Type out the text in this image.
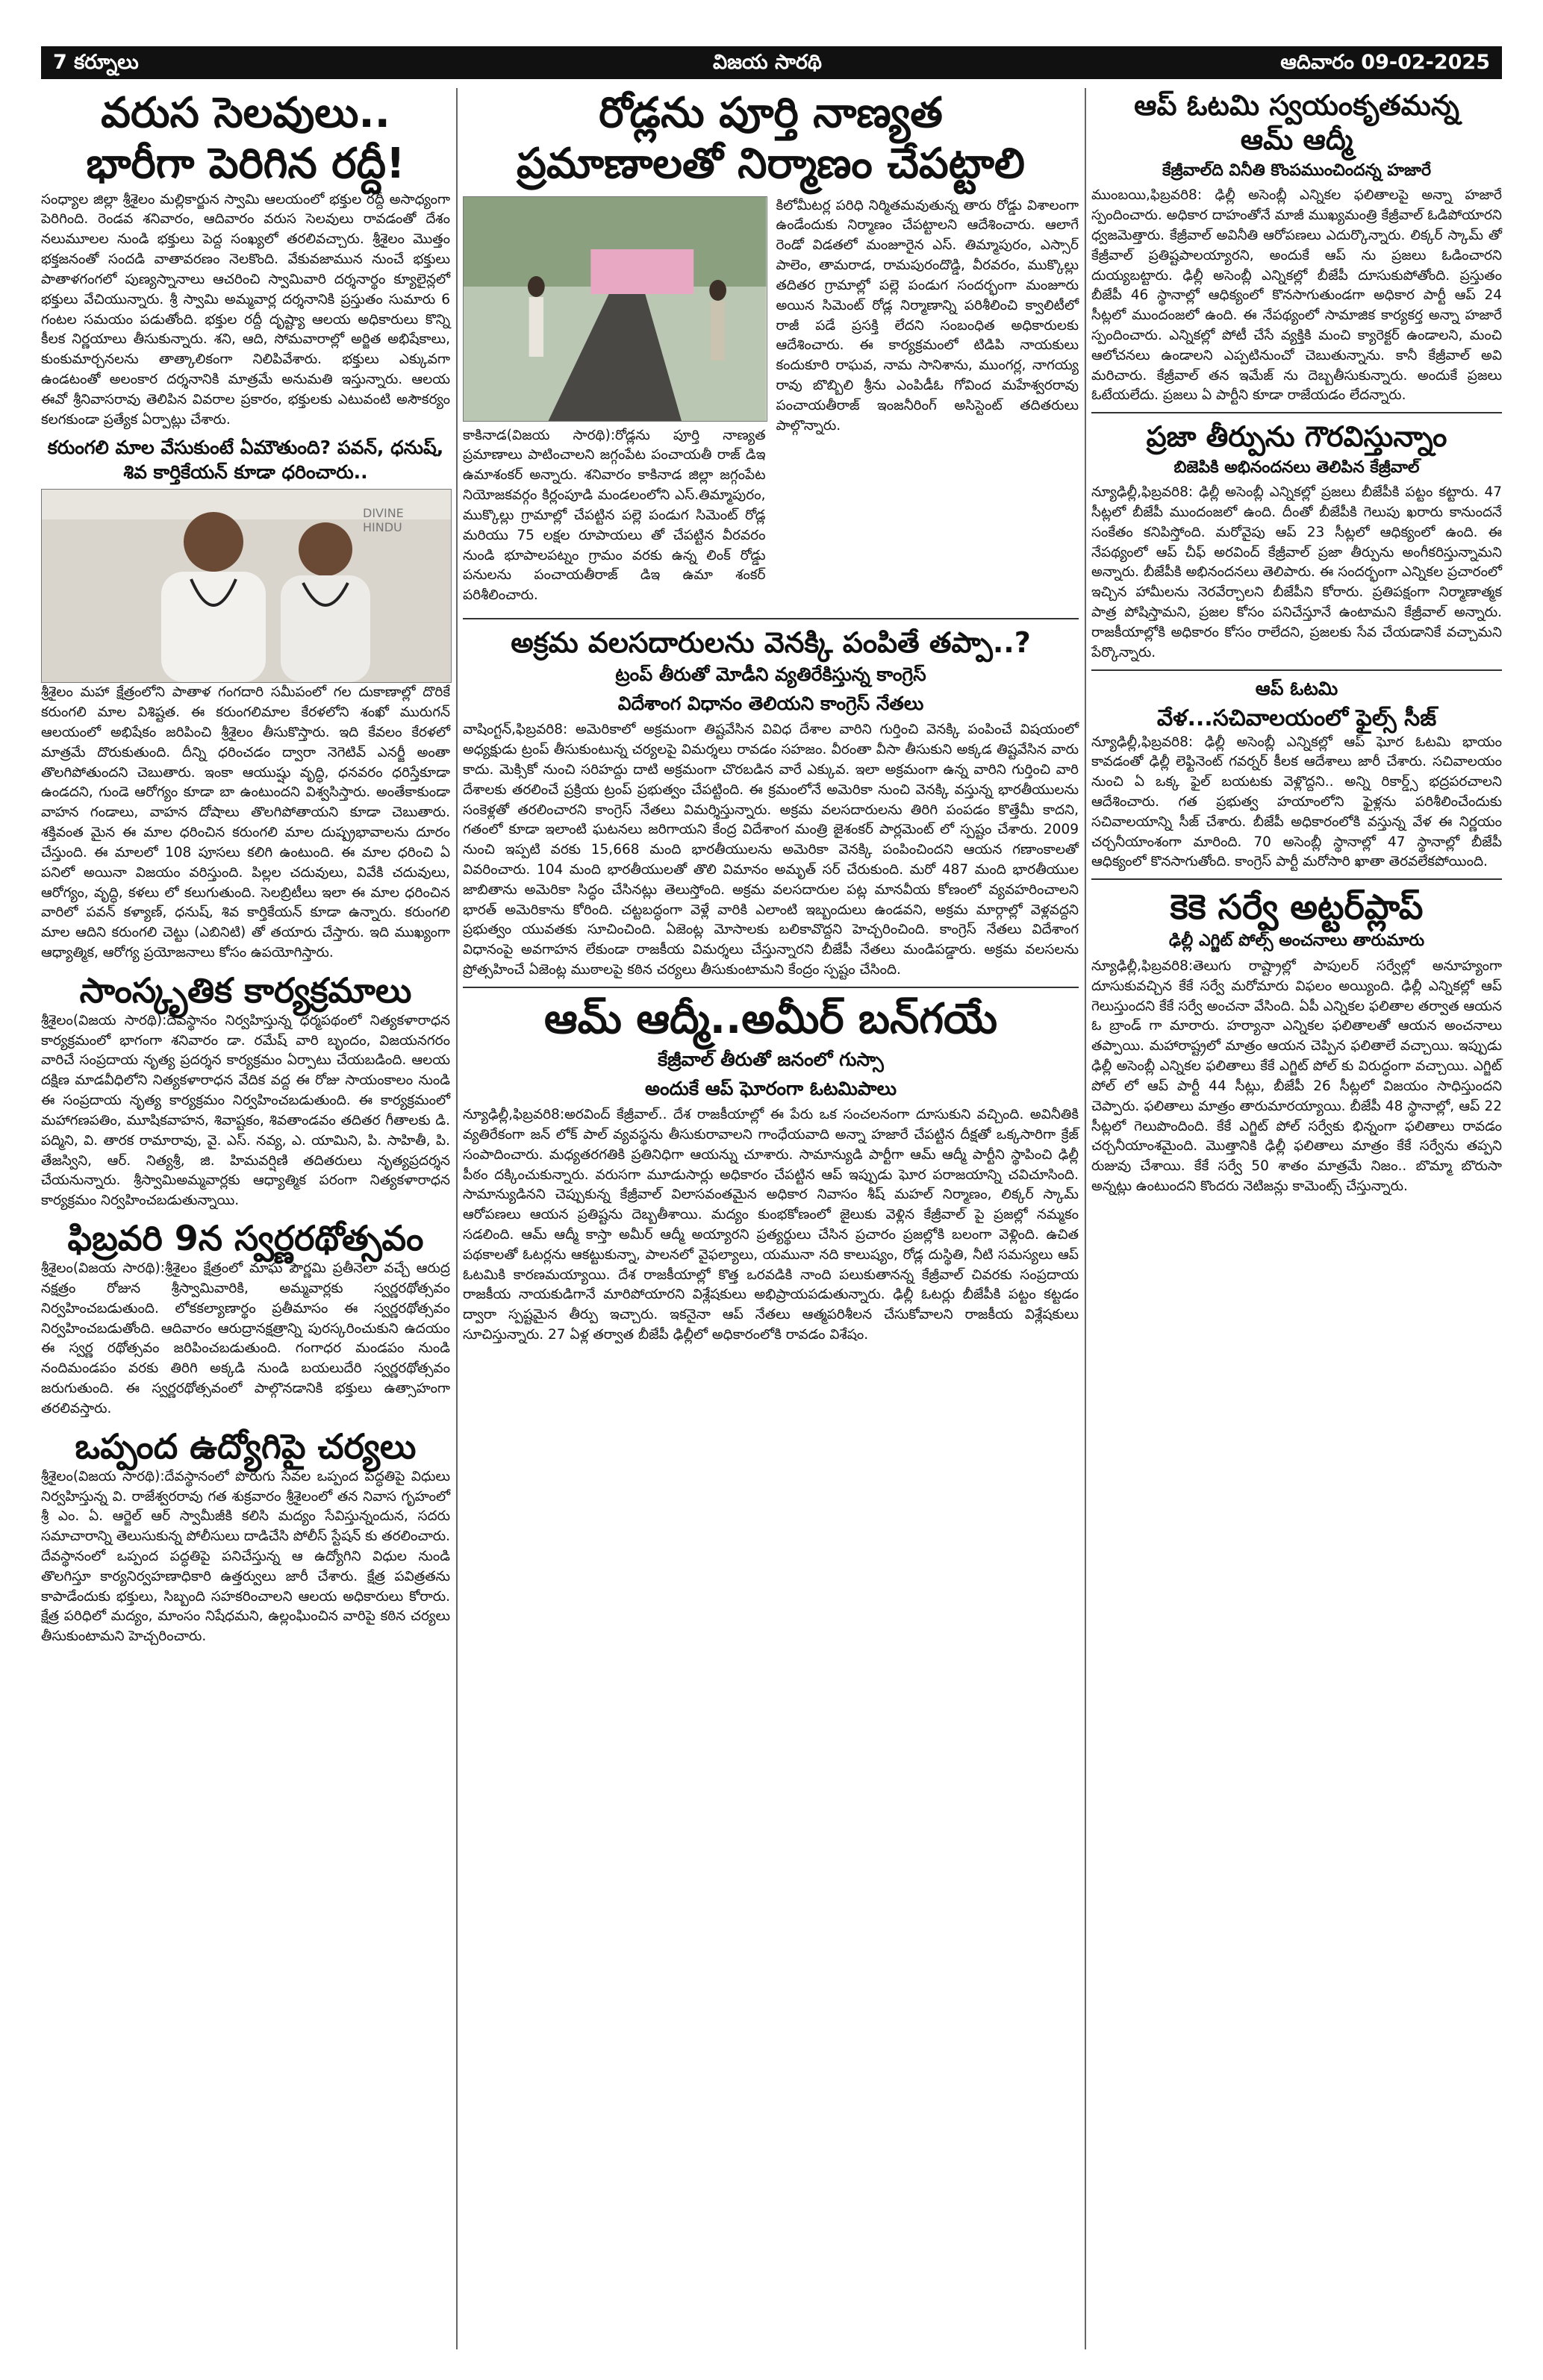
7 కర్నూలు	విజయ సారథి	ఆదివారం 09-02-2025
వరుస సెలవులు..
భారీగా పెరిగిన రద్దీ!

సంధ్యాల జిల్లా శ్రీశైలం మల్లికార్జున స్వామి ఆలయంలో భక్తుల రద్దీ అసాధ్యంగా పెరిగింది. రెండవ శనివారం, ఆదివారం వరుస సెలవులు రావడంతో దేశం నలుమూలల నుండి భక్తులు పెద్ద సంఖ్యలో తరలివచ్చారు. శ్రీశైలం మొత్తం భక్తజనంతో సందడి వాతావరణం నెలకొంది. వేకువజామున నుంచే భక్తులు పాతాళగంగలో పుణ్యస్నానాలు ఆచరించి స్వామివారి దర్శనార్థం క్యూలైన్లలో భక్తులు వేచియున్నారు. శ్రీ స్వామి అమ్మవార్ల దర్శనానికి ప్రస్తుతం సుమారు 6 గంటల సమయం పడుతోంది. భక్తుల రద్దీ దృష్ట్యా ఆలయ అధికారులు కొన్ని కీలక నిర్ణయాలు తీసుకున్నారు. శని, ఆది, సోమవారాల్లో అర్జిత అభిషేకాలు, కుంకుమార్చనలను తాత్కాలికంగా నిలిపివేశారు. భక్తులు ఎక్కువగా ఉండటంతో అలంకార దర్శనానికి మాత్రమే అనుమతి ఇస్తున్నారు. ఆలయ ఈవో శ్రీనివాసరావు తెలిపిన వివరాల ప్రకారం, భక్తులకు ఎటువంటి అసౌకర్యం కలగకుండా ప్రత్యేక ఏర్పాట్లు చేశారు.

కరుంగలి మాల వేసుకుంటే ఏమౌతుంది? పవన్, ధనుష్, శివ కార్తికేయన్ కూడా ధరించారు..
DIVINE HINDU

శ్రీశైలం మహా క్షేత్రంలోని పాతాళ గంగదారి సమీపంలో గల దుకాణాల్లో దొరికే కరుంగలి మాల విశిష్టత. ఈ కరుంగలిమాల కేరళలోని శంఖో మురుగన్ ఆలయంలో అభిషేకం జరిపించి శ్రీశైలం తీసుకొస్తారు. ఇది కేవలం కేరళలో మాత్రమే దొరుకుతుంది. దీన్ని ధరించడం ద్వారా నెగెటివ్ ఎనర్జీ అంతా తొలగిపోతుందని చెబుతారు. ఇంకా ఆయుష్షు వృద్ధి, ధనవరం ధరిస్తేకూడా ఉండదని, గుండె ఆరోగ్యం కూడా బా ఉంటుందని విశ్వసిస్తారు. అంతేకాకుండా వాహన గండాలు, వాహన దోషాలు తొలగిపోతాయని కూడా చెబుతారు. శక్తివంత మైన ఈ మాల ధరించిన కరుంగలి మాల దుష్ప్రభావాలను దూరం చేస్తుంది. ఈ మాలలో 108 పూసలు కలిగి ఉంటుంది. ఈ మాల ధరించి ఏ పనిలో అయినా విజయం వరిస్తుంది. పిల్లల చదువులు, వివేకి చదువులు, ఆరోగ్యం, వృద్ధి, కళలు లో కలుగుతుంది. సెలబ్రిటీలు ఇలా ఈ మాల ధరించిన వారిలో పవన్ కళ్యాణ్, ధనుష్, శివ కార్తికేయన్ కూడా ఉన్నారు. కరుంగలి మాల ఆదిని కరుంగలి చెట్టు (ఎబినిటి) తో తయారు చేస్తారు. ఇది ముఖ్యంగా ఆధ్యాత్మిక, ఆరోగ్య ప్రయోజనాలు కోసం ఉపయోగిస్తారు.

సాంస్కృతిక కార్యక్రమాలు

శ్రీశైలం(విజయ సారథి):దేవస్థానం నిర్వహిస్తున్న ధర్మపథంలో నిత్యకళారాధన కార్యక్రమంలో భాగంగా శనివారం డా. రమేష్ వారి బృందం, విజయనగరం వారిచే సంప్రదాయ నృత్య ప్రదర్శన కార్యక్రమం ఏర్పాటు చేయబడింది. ఆలయ దక్షిణ మాడవీధిలోని నిత్యకళారాధన వేదిక వద్ద ఈ రోజు సాయంకాలం నుండి ఈ సంప్రదాయ నృత్య కార్యక్రమం నిర్వహించబడుతుంది. ఈ కార్యక్రమంలో మహాగణపతిం, మూషికవాహన, శివాష్టకం, శివతాండవం తదితర గీతాలకు డి. పద్మిని, వి. తారక రామారావు, వై. ఎస్. నవ్య, ఎ. యామిని, పి. సాహితీ, పి. తేజస్విని, ఆర్. నిత్యశ్రీ, జి. హిమవర్షిణి తదితరులు నృత్యప్రదర్శన చేయనున్నారు. శ్రీస్వామిఅమ్మవార్లకు ఆధ్యాత్మిక పరంగా నిత్యకళారాధన కార్యక్రమం నిర్వహించబడుతున్నాయి.

ఫిబ్రవరి 9న స్వర్ణరథోత్సవం

శ్రీశైలం(విజయ సారథి):శ్రీశైలం క్షేత్రంలో మాఘ పౌర్ణమి ప్రతీనెలా వచ్చే ఆరుద్ర నక్షత్రం రోజున శ్రీస్వామివారికి, అమ్మవార్లకు స్వర్ణరథోత్సవం నిర్వహించబడుతుంది. లోకకల్యాణార్థం ప్రతీమాసం ఈ స్వర్ణరథోత్సవం నిర్వహించబడుతోంది. ఆదివారం ఆరుద్రానక్షత్రాన్ని పురస్కరించుకుని ఉదయం ఈ స్వర్ణ రథోత్సవం జరిపించబడుతుంది. గంగాధర మండపం నుండి నందిమండపం వరకు తిరిగి అక్కడి నుండి బయలుదేరి స్వర్ణరథోత్సవం జరుగుతుంది. ఈ స్వర్ణరథోత్సవంలో పాల్గొనడానికి భక్తులు ఉత్సాహంగా తరలివస్తారు.

ఒప్పంద ఉద్యోగిపై చర్యలు

శ్రీశైలం(విజయ సారథి):దేవస్థానంలో పొరుగు సేవల ఒప్పంద పద్ధతిపై విధులు నిర్వహిస్తున్న వి. రాజేశ్వరరావు గత శుక్రవారం శ్రీశైలంలో తన నివాస గృహంలో శ్రీ ఎం. ఏ. ఆర్జెల్ ఆర్ స్వామీజీకి కలిసి మద్యం సేవిస్తున్నందున, సదరు సమాచారాన్ని తెలుసుకున్న పోలీసులు దాడిచేసి పోలీస్ స్టేషన్ కు తరలించారు. దేవస్థానంలో ఒప్పంద పద్ధతిపై పనిచేస్తున్న ఆ ఉద్యోగిని విధుల నుండి తొలగిస్తూ కార్యనిర్వహణాధికారి ఉత్తర్వులు జారీ చేశారు. క్షేత్ర పవిత్రతను కాపాడేందుకు భక్తులు, సిబ్బంది సహకరించాలని ఆలయ అధికారులు కోరారు. క్షేత్ర పరిధిలో మద్యం, మాంసం నిషేధమని, ఉల్లంఘించిన వారిపై కఠిన చర్యలు తీసుకుంటామని హెచ్చరించారు.

రోడ్లను పూర్తి నాణ్యత
ప్రమాణాలతో నిర్మాణం చేపట్టాలి

కాకినాడ(విజయ సారథి):రోడ్లను పూర్తి నాణ్యత ప్రమాణాలు పాటించాలని జగ్గంపేట పంచాయతీ రాజ్ డిఇ ఉమాశంకర్ అన్నారు. శనివారం కాకినాడ జిల్లా జగ్గంపేట నియోజకవర్గం కిర్లంపూడి మండలంలోని ఎస్.తిమ్మాపురం, ముక్కొల్లు గ్రామాల్లో చేపట్టిన పల్లె పండుగ సిమెంట్ రోడ్ల మరియు 75 లక్షల రూపాయలు తో చేపట్టిన వీరవరం నుండి భూపాలపట్నం గ్రామం వరకు ఉన్న లింక్ రోడ్డు పనులను పంచాయతీరాజ్ డిఇ ఉమా శంకర్ పరిశీలించారు.

కిలోమీటర్ల పరిధి నిర్మితమవుతున్న తారు రోడ్డు విశాలంగా ఉండేందుకు నిర్మాణం చేపట్టాలని ఆదేశించారు. ఆలాగే రెండో విడతలో మంజూరైన ఎస్. తిమ్మాపురం, ఎస్సార్ పాలెం, తామరాడ, రామపురందొడ్డి, వీరవరం, ముక్కొల్లు తదితర గ్రామాల్లో పల్లె పండుగ సందర్భంగా మంజూరు అయిన సిమెంట్ రోడ్ల నిర్మాణాన్ని పరిశీలించి క్వాలిటీలో రాజీ పడే ప్రసక్తి లేదని సంబంధిత అధికారులకు ఆదేశించారు. ఈ కార్యక్రమంలో టిడిపి నాయకులు కందుకూరి రాఘవ, నామ సానిశాను, ముంగర్ల, నాగయ్య రావు బొబ్బిలి శ్రీను ఎంపిడీఓ గోవింద మహేశ్వరరావు పంచాయతీరాజ్ ఇంజనీరింగ్ అసిస్టెంట్ తదితరులు పాల్గొన్నారు.

అక్రమ వలసదారులను వెనక్కి పంపితే తప్పా..?
ట్రంప్ తీరుతో మోడీని వ్యతిరేకిస్తున్న కాంగ్రెస్
విదేశాంగ విధానం తెలియని కాంగ్రెస్ నేతలు

వాషింగ్టన్,ఫిబ్రవరి8: అమెరికాలో అక్రమంగా తిష్టవేసిన వివిధ దేశాల వారిని గుర్తించి వెనక్కి పంపించే విషయంలో అధ్యక్షుడు ట్రంప్ తీసుకుంటున్న చర్యలపై విమర్శలు రావడం సహజం. వీరంతా వీసా తీసుకుని అక్కడ తిష్టవేసిన వారు కాదు. మెక్సికో నుంచి సరిహద్దు దాటి అక్రమంగా చొరబడిన వారే ఎక్కువ. ఇలా అక్రమంగా ఉన్న వారిని గుర్తించి వారి దేశాలకు తరలించే ప్రక్రియ ట్రంప్ ప్రభుత్వం చేపట్టింది. ఈ క్రమంలోనే అమెరికా నుంచి వెనక్కి వస్తున్న భారతీయులను సంకెళ్లతో తరలించారని కాంగ్రెస్ నేతలు విమర్శిస్తున్నారు. అక్రమ వలసదారులను తిరిగి పంపడం కొత్తేమీ కాదని, గతంలో కూడా ఇలాంటి ఘటనలు జరిగాయని కేంద్ర విదేశాంగ మంత్రి జైశంకర్ పార్లమెంట్ లో స్పష్టం చేశారు. 2009 నుంచి ఇప్పటి వరకు 15,668 మంది భారతీయులను అమెరికా వెనక్కి పంపించిందని ఆయన గణాంకాలతో వివరించారు. 104 మంది భారతీయులతో తొలి విమానం అమృత్ సర్ చేరుకుంది. మరో 487 మంది భారతీయుల జాబితాను అమెరికా సిద్ధం చేసినట్లు తెలుస్తోంది. అక్రమ వలసదారుల పట్ల మానవీయ కోణంలో వ్యవహరించాలని భారత్ అమెరికాను కోరింది. చట్టబద్ధంగా వెళ్లే వారికి ఎలాంటి ఇబ్బందులు ఉండవని, అక్రమ మార్గాల్లో వెళ్లవద్దని ప్రభుత్వం యువతకు సూచించింది. ఏజెంట్ల మోసాలకు బలికావొద్దని హెచ్చరించింది. కాంగ్రెస్ నేతలు విదేశాంగ విధానంపై అవగాహన లేకుండా రాజకీయ విమర్శలు చేస్తున్నారని బీజేపీ నేతలు మండిపడ్డారు. అక్రమ వలసలను ప్రోత్సహించే ఏజెంట్ల ముఠాలపై కఠిన చర్యలు తీసుకుంటామని కేంద్రం స్పష్టం చేసింది.

ఆమ్ ఆద్మీ..అమీర్ బన్‌గయే
కేజ్రీవాల్ తీరుతో జనంలో గుస్సా
అందుకే ఆప్ ఘోరంగా ఓటమిపాలు

న్యూఢిల్లీ,ఫిబ్రవరి8:అరవింద్ కేజ్రీవాల్.. దేశ రాజకీయాల్లో ఈ పేరు ఒక సంచలనంగా దూసుకుని వచ్చింది. అవినీతికి వ్యతిరేకంగా జన్ లోక్ పాల్ వ్యవస్థను తీసుకురావాలని గాంధేయవాది అన్నా హజారే చేపట్టిన దీక్షతో ఒక్కసారిగా క్రేజ్ సంపాదించారు. మధ్యతరగతికి ప్రతినిధిగా ఆయన్ను చూశారు. సామాన్యుడి పార్టీగా ఆమ్ ఆద్మీ పార్టీని స్థాపించి ఢిల్లీ పీఠం దక్కించుకున్నారు. వరుసగా మూడుసార్లు అధికారం చేపట్టిన ఆప్ ఇప్పుడు ఘోర పరాజయాన్ని చవిచూసింది. సామాన్యుడినని చెప్పుకున్న కేజ్రీవాల్ విలాసవంతమైన అధికార నివాసం శీష్ మహల్ నిర్మాణం, లిక్కర్ స్కామ్ ఆరోపణలు ఆయన ప్రతిష్టను దెబ్బతీశాయి. మద్యం కుంభకోణంలో జైలుకు వెళ్లిన కేజ్రీవాల్ పై ప్రజల్లో నమ్మకం సడలింది. ఆమ్ ఆద్మీ కాస్తా అమీర్ ఆద్మీ అయ్యారని ప్రత్యర్థులు చేసిన ప్రచారం ప్రజల్లోకి బలంగా వెళ్లింది. ఉచిత పథకాలతో ఓటర్లను ఆకట్టుకున్నా, పాలనలో వైఫల్యాలు, యమునా నది కాలుష్యం, రోడ్ల దుస్థితి, నీటి సమస్యలు ఆప్ ఓటమికి కారణమయ్యాయి. దేశ రాజకీయాల్లో కొత్త ఒరవడికి నాంది పలుకుతానన్న కేజ్రీవాల్ చివరకు సంప్రదాయ రాజకీయ నాయకుడిగానే మారిపోయారని విశ్లేషకులు అభిప్రాయపడుతున్నారు. ఢిల్లీ ఓటర్లు బీజేపీకి పట్టం కట్టడం ద్వారా స్పష్టమైన తీర్పు ఇచ్చారు. ఇకనైనా ఆప్ నేతలు ఆత్మపరిశీలన చేసుకోవాలని రాజకీయ విశ్లేషకులు సూచిస్తున్నారు. 27 ఏళ్ల తర్వాత బీజేపీ ఢిల్లీలో అధికారంలోకి రావడం విశేషం.

ఆప్ ఓటమి స్వయంకృతమన్న
ఆమ్ ఆద్మీ
కేజ్రీవాల్‌ది వినీతి కొంపముంచిందన్న హజారే

ముంబయి,ఫిబ్రవరి8: ఢిల్లీ అసెంబ్లీ ఎన్నికల ఫలితాలపై అన్నా హజారే స్పందించారు. అధికార దాహంతోనే మాజీ ముఖ్యమంత్రి కేజ్రీవాల్ ఓడిపోయారని ధ్వజమెత్తారు. కేజ్రీవాల్ అవినీతి ఆరోపణలు ఎదుర్కొన్నారు. లిక్కర్ స్కామ్ తో కేజ్రీవాల్ ప్రతిష్టపాలయ్యారని, అందుకే ఆప్ ను ప్రజలు ఓడించారని దుయ్యబట్టారు. ఢిల్లీ అసెంబ్లీ ఎన్నికల్లో బీజేపీ దూసుకుపోతోంది. ప్రస్తుతం బీజేపీ 46 స్థానాల్లో ఆధిక్యంలో కొనసాగుతుండగా అధికార పార్టీ ఆప్ 24 సీట్లలో ముందంజలో ఉంది. ఈ నేపథ్యంలో సామాజిక కార్యకర్త అన్నా హజారే స్పందించారు. ఎన్నికల్లో పోటీ చేసే వ్యక్తికి మంచి క్యారెక్టర్ ఉండాలని, మంచి ఆలోచనలు ఉండాలని ఎప్పటినుంచో చెబుతున్నాను. కానీ కేజ్రీవాల్ అవి మరిచారు. కేజ్రీవాల్ తన ఇమేజ్ ను దెబ్బతీసుకున్నారు. అందుకే ప్రజలు ఓటేయలేదు. ప్రజలు ఏ పార్టీని కూడా రాజేయడం లేదన్నారు.

ప్రజా తీర్పును గౌరవిస్తున్నాం
బిజెపికి అభినందనలు తెలిపిన కేజ్రీవాల్

న్యూఢిల్లీ,ఫిబ్రవరి8: ఢిల్లీ అసెంబ్లీ ఎన్నికల్లో ప్రజలు బీజేపీకి పట్టం కట్టారు. 47 సీట్లలో బీజేపీ ముందంజలో ఉంది. దీంతో బీజేపీకి గెలుపు ఖరారు కానుందనే సంకేతం కనిపిస్తోంది. మరోవైపు ఆప్ 23 సీట్లలో ఆధిక్యంలో ఉంది. ఈ నేపథ్యంలో ఆప్ చీఫ్ అరవింద్ కేజ్రీవాల్ ప్రజా తీర్పును అంగీకరిస్తున్నామని అన్నారు. బీజేపీకి అభినందనలు తెలిపారు. ఈ సందర్భంగా ఎన్నికల ప్రచారంలో ఇచ్చిన హామీలను నెరవేర్చాలని బీజేపీని కోరారు. ప్రతిపక్షంగా నిర్మాణాత్మక పాత్ర పోషిస్తామని, ప్రజల కోసం పనిచేస్తూనే ఉంటామని కేజ్రీవాల్ అన్నారు. రాజకీయాల్లోకి అధికారం కోసం రాలేదని, ప్రజలకు సేవ చేయడానికే వచ్చామని పేర్కొన్నారు.

ఆప్ ఓటమి
వేళ...సచివాలయంలో ఫైల్స్ సీజ్

న్యూఢిల్లీ,ఫిబ్రవరి8: ఢిల్లీ అసెంబ్లీ ఎన్నికల్లో ఆప్ ఘోర ఓటమి భాయం కావడంతో ఢిల్లీ లెఫ్టినెంట్ గవర్నర్ కీలక ఆదేశాలు జారీ చేశారు. సచివాలయం నుంచి ఏ ఒక్క ఫైల్ బయటకు వెళ్లొద్దని.. అన్ని రికార్డ్స్ భద్రపరచాలని ఆదేశించారు. గత ప్రభుత్వ హయాంలోని ఫైళ్లను పరిశీలించేందుకు సచివాలయాన్ని సీజ్ చేశారు. బీజేపీ అధికారంలోకి వస్తున్న వేళ ఈ నిర్ణయం చర్చనీయాంశంగా మారింది. 70 అసెంబ్లీ స్థానాల్లో 47 స్థానాల్లో బీజేపీ ఆధిక్యంలో కొనసాగుతోంది. కాంగ్రెస్ పార్టీ మరోసారి ఖాతా తెరవలేకపోయింది.

కెకె సర్వే అట్టర్‌ప్లాప్
ఢిల్లీ ఎగ్జిట్ పోల్స్ అంచనాలు తారుమారు

న్యూఢిల్లీ,ఫిబ్రవరి8:తెలుగు రాష్ట్రాల్లో పాపులర్ సర్వేల్లో అనూహ్యంగా దూసుకువచ్చిన కేకే సర్వే మరోమారు విఫలం అయ్యింది. ఢిల్లీ ఎన్నికల్లో ఆప్ గెలుస్తుందని కేకే సర్వే అంచనా వేసింది. ఏపీ ఎన్నికల ఫలితాల తర్వాత ఆయన ఓ బ్రాండ్ గా మారారు. హర్యానా ఎన్నికల ఫలితాలతో ఆయన అంచనాలు తప్పాయి. మహారాష్ట్రలో మాత్రం ఆయన చెప్పిన ఫలితాలే వచ్చాయి. ఇప్పుడు ఢిల్లీ అసెంబ్లీ ఎన్నికల ఫలితాలు కేకే ఎగ్జిట్ పోల్ కు విరుద్ధంగా వచ్చాయి. ఎగ్జిట్ పోల్ లో ఆప్ పార్టీ 44 సీట్లు, బీజేపీ 26 సీట్లలో విజయం సాధిస్తుందని చెప్పారు. ఫలితాలు మాత్రం తారుమారయ్యాయి. బీజేపీ 48 స్థానాల్లో, ఆప్ 22 సీట్లలో గెలుపొందింది. కేకే ఎగ్జిట్ పోల్ సర్వేకు భిన్నంగా ఫలితాలు రావడం చర్చనీయాంశమైంది. మొత్తానికి ఢిల్లీ ఫలితాలు మాత్రం కేకే సర్వేను తప్పని రుజువు చేశాయి. కేకే సర్వే 50 శాతం మాత్రమే నిజం.. బొమ్మా బొరుసా అన్నట్లు ఉంటుందని కొందరు నెటిజన్లు కామెంట్స్ చేస్తున్నారు.
